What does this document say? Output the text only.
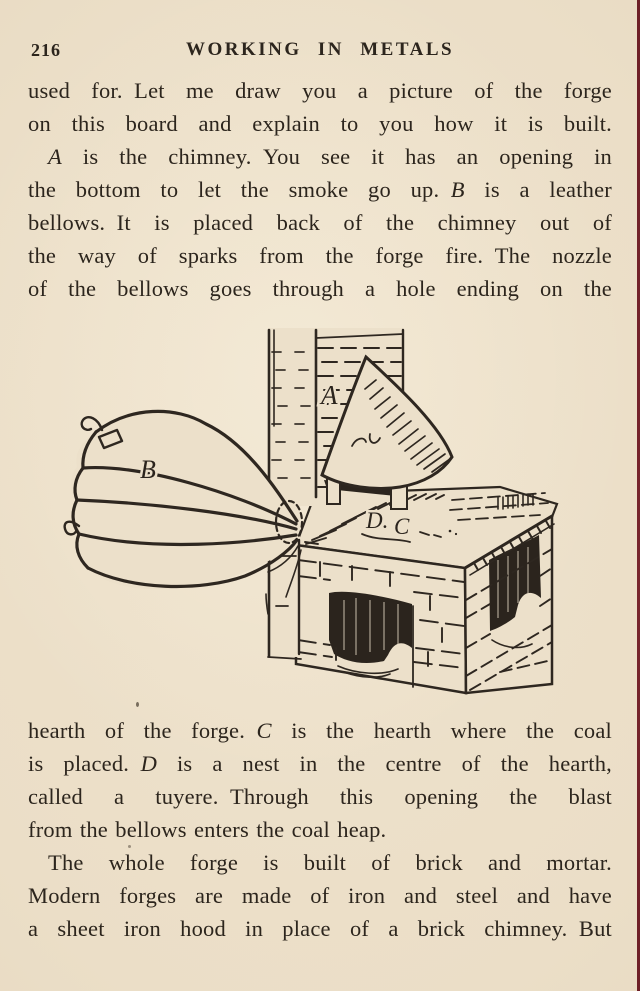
216	WORKING IN METALS
used for. Let me draw you a picture of the forge
on this board and explain to you how it is built.
A is the chimney. You see it has an opening in
the bottom to let the smoke go up. B is a leather
bellows. It is placed back of the chimney out of
the way of sparks from the forge fire. The nozzle
of the bellows goes through a hole ending on the
D. C
A
B
hearth of the forge. C is the hearth where the coal
is placed. D is a nest in the centre of the hearth,
called a tuyere. Through this opening the blast
from the bellows enters the coal heap.
The whole forge is built of brick and mortar.
Modern forges are made of iron and steel and have
a sheet iron hood in place of a brick chimney. But
